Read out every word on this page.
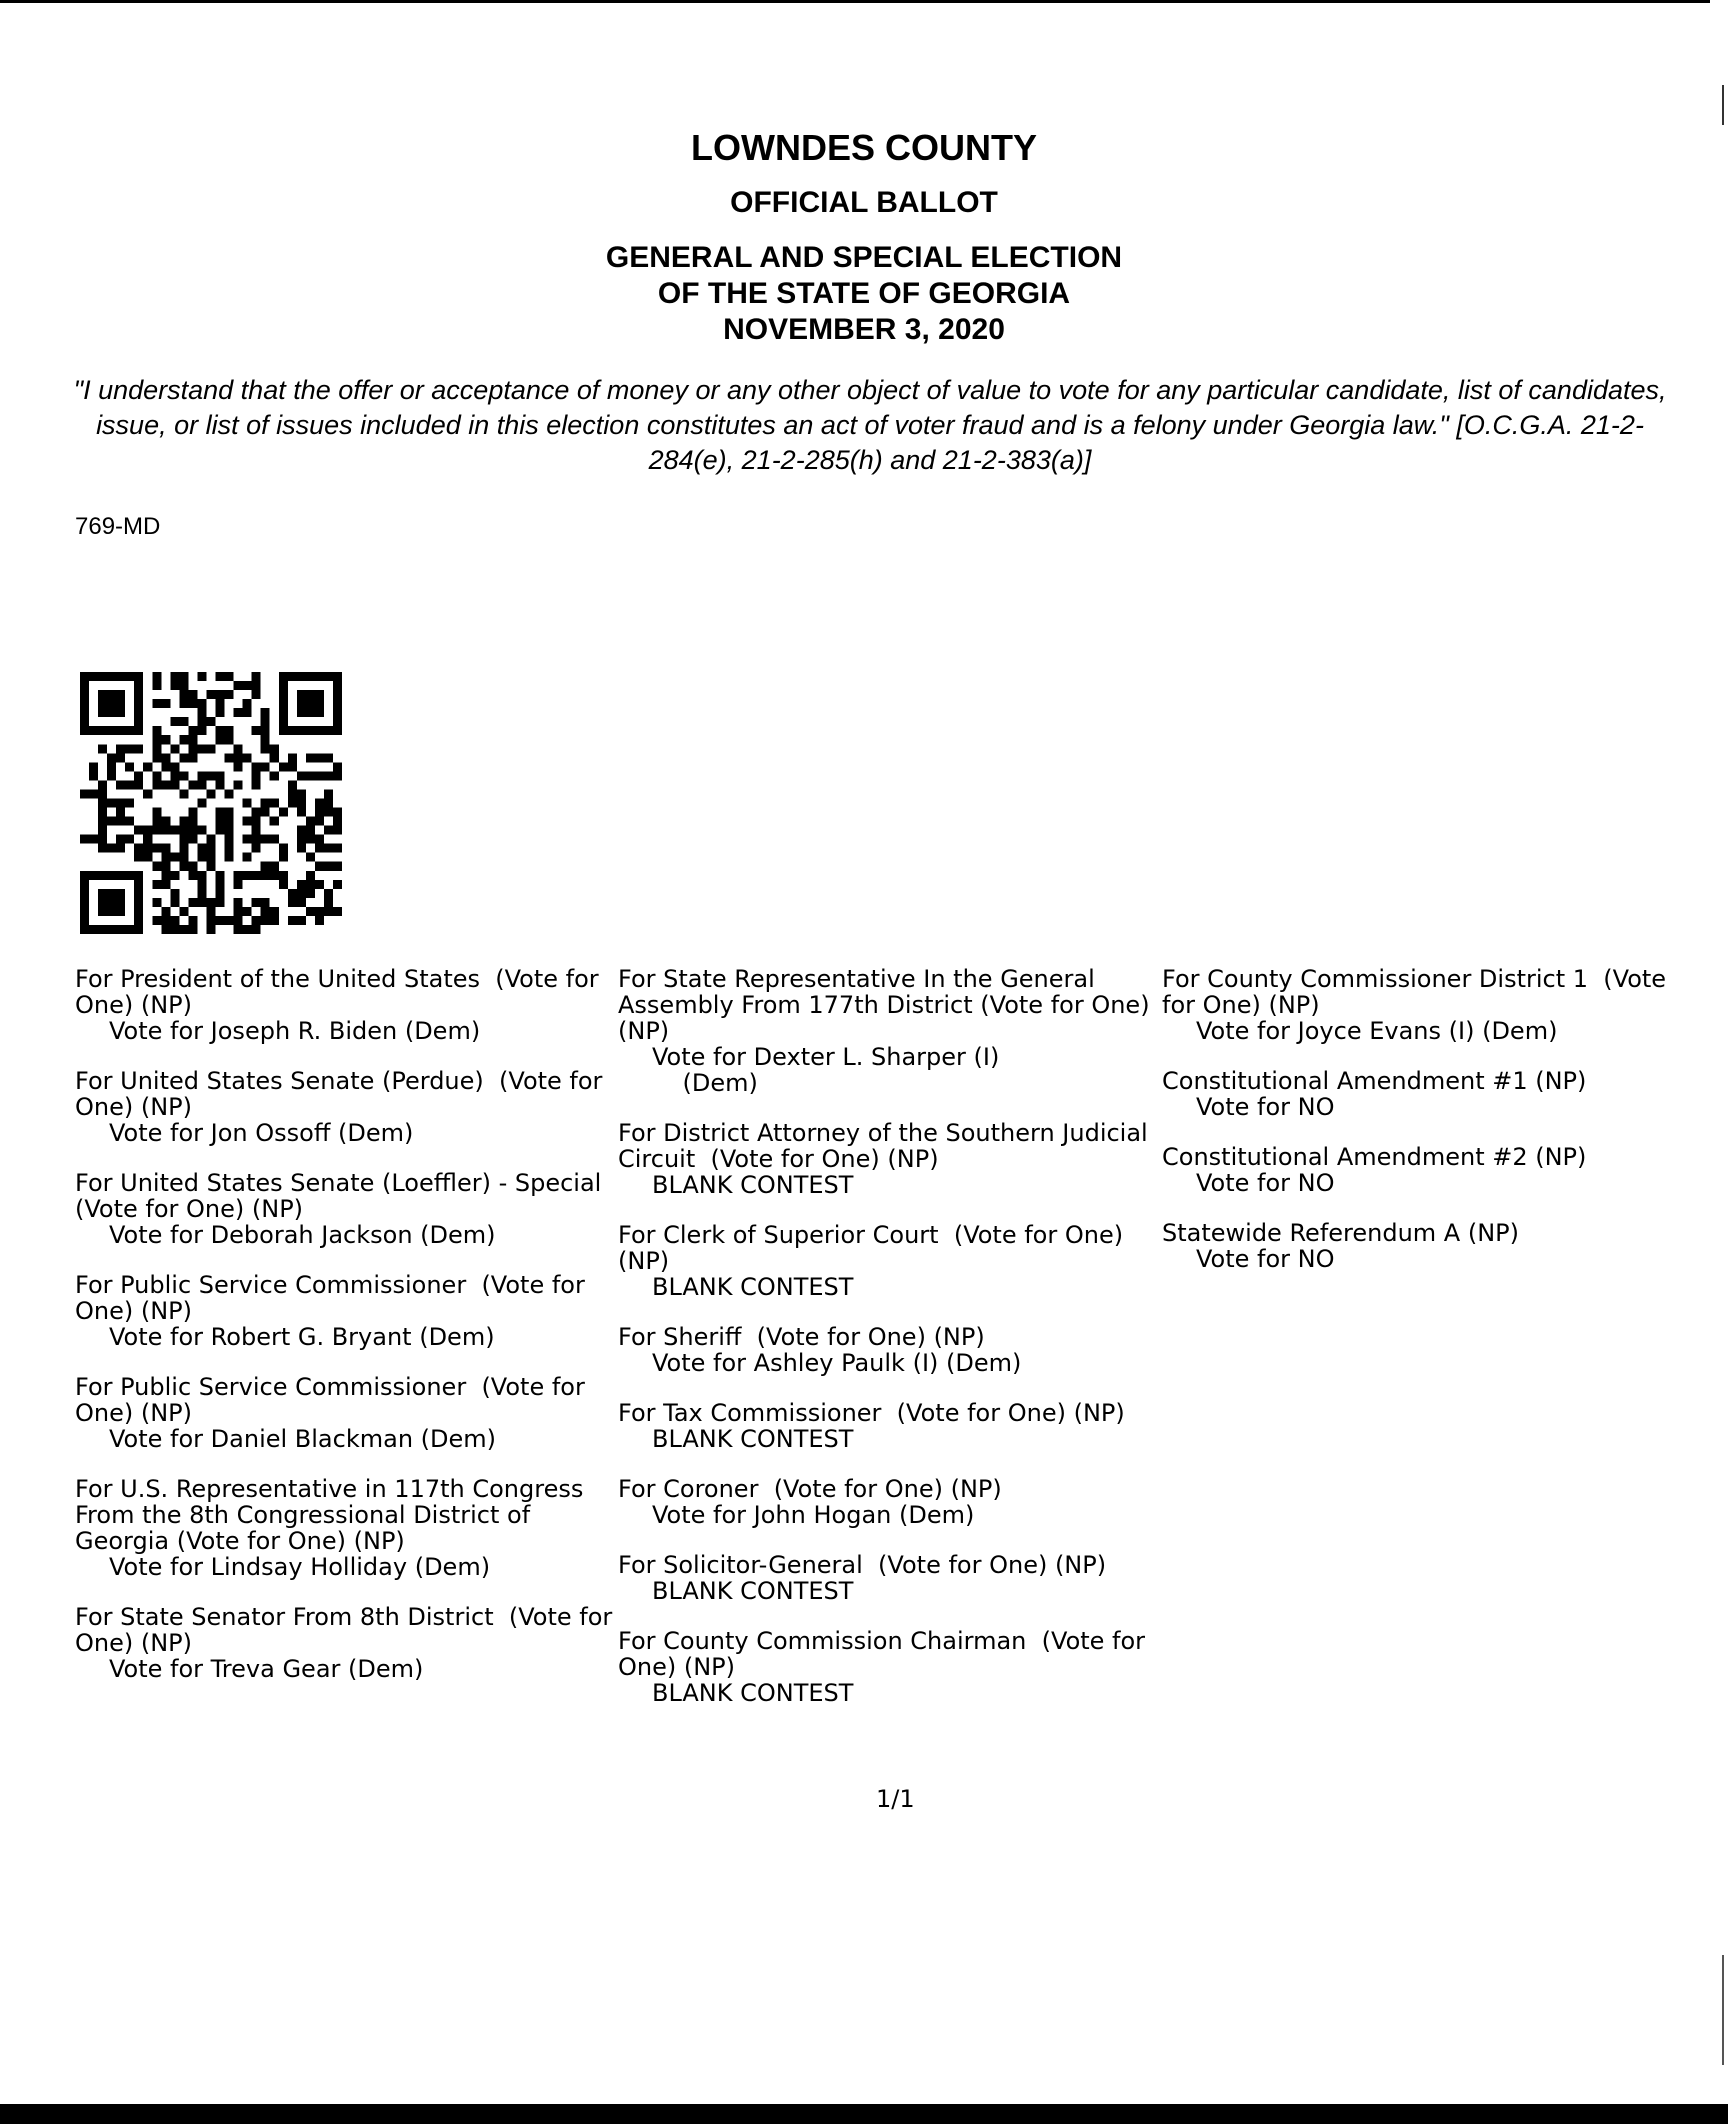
LOWNDES COUNTY
OFFICIAL BALLOT
GENERAL AND SPECIAL ELECTION
OF THE STATE OF GEORGIA
NOVEMBER 3, 2020
"I understand that the offer or acceptance of money or any other object of value to vote for any particular candidate, list of candidates, issue, or list of issues included in this election constitutes an act of voter fraud and is a felony under Georgia law." [O.C.G.A. 21-2-284(e), 21-2-285(h) and 21-2-383(a)]
769-MD
For President of the United States  (Vote for One) (NP)
Vote for Joseph R. Biden (Dem)
For United States Senate (Perdue)  (Vote for One) (NP)
Vote for Jon Ossoff (Dem)
For United States Senate (Loeffler) - Special  (Vote for One) (NP)
Vote for Deborah Jackson (Dem)
For Public Service Commissioner  (Vote for One) (NP)
Vote for Robert G. Bryant (Dem)
For Public Service Commissioner  (Vote for One) (NP)
Vote for Daniel Blackman (Dem)
For U.S. Representative in 117th Congress From the 8th Congressional District of Georgia (Vote for One) (NP)
Vote for Lindsay Holliday (Dem)
For State Senator From 8th District  (Vote for One) (NP)
Vote for Treva Gear (Dem)
For State Representative In the General Assembly From 177th District (Vote for One) (NP)
Vote for Dexter L. Sharper (I)
(Dem)
For District Attorney of the Southern Judicial Circuit  (Vote for One) (NP)
BLANK CONTEST
For Clerk of Superior Court  (Vote for One) (NP)
BLANK CONTEST
For Sheriff  (Vote for One) (NP)
Vote for Ashley Paulk (I) (Dem)
For Tax Commissioner  (Vote for One) (NP)
BLANK CONTEST
For Coroner  (Vote for One) (NP)
Vote for John Hogan (Dem)
For Solicitor-General  (Vote for One) (NP)
BLANK CONTEST
For County Commission Chairman  (Vote for One) (NP)
BLANK CONTEST
For County Commissioner District 1  (Vote for One) (NP)
Vote for Joyce Evans (I) (Dem)
Constitutional Amendment #1 (NP)
Vote for NO
Constitutional Amendment #2 (NP)
Vote for NO
Statewide Referendum A (NP)
Vote for NO
1/1
